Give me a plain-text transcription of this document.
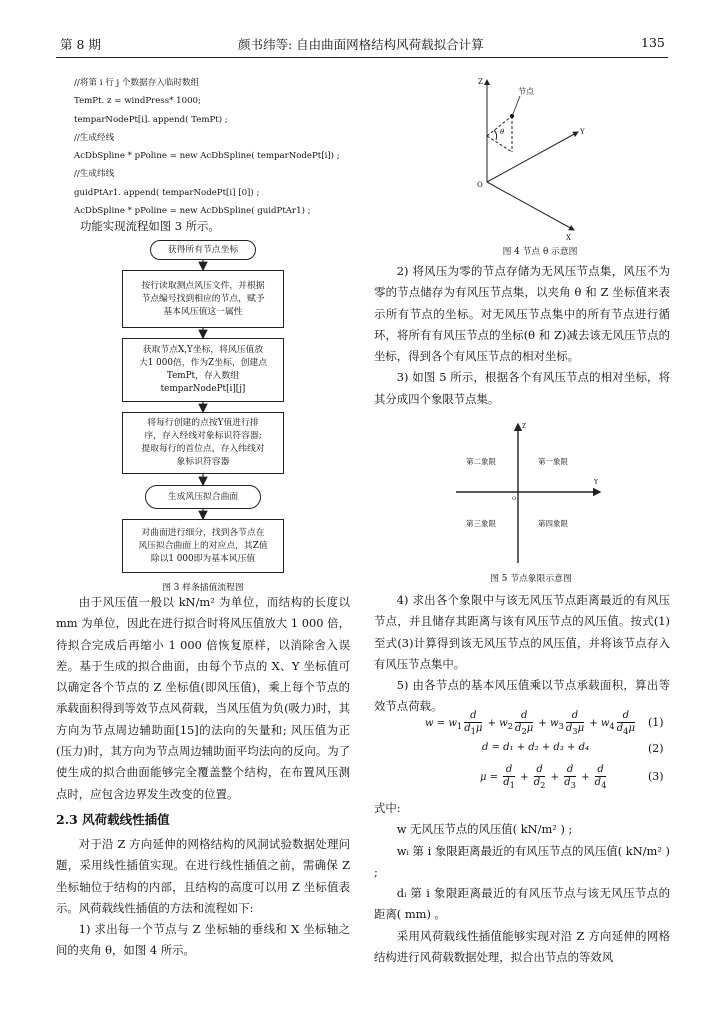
第 8 期	颜书纬等: 自由曲面网格结构风荷载拟合计算	135
//将第 i 行 j 个数据存入临时数组
TemPt. z = windPress* 1000;
temparNodePt[i]. append( TemPt) ;
//生成经线
AcDbSpline * pPoline = new AcDbSpline( temparNodePt[i]) ;
//生成纬线
guidPtAr1. append( temparNodePt[i] [0]) ;
AcDbSpline * pPoline = new AcDbSpline( guidPtAr1) ;
功能实现流程如图 3 所示。
获得所有节点坐标
按行读取测点风压文件，并根据
节点编号找到相应的节点，赋予
基本风压值这一属性
获取节点X,Y坐标，将风压值放
大1 000倍，作为Z坐标，创建点
TemPt，存入数组
temparNodePt[i][j]
将每行创建的点按Y值进行排
序，存入经线对象标识符容器;
提取每行的首位点，存入纬线对
象标识符容器
生成风压拟合曲面
对曲面进行细分，找到各节点在
风压拟合曲面上的对应点，其Z值
除以1 000即为基本风压值
图 3 样条插值流程图
Z
Y
X
O
θ
节点
图 4 节点 θ 示意图

2) 将风压为零的节点存储为无风压节点集，风压不为零的节点储存为有风压节点集，以夹角 θ 和 Z 坐标值来表示所有节点的坐标。对无风压节点集中的所有节点进行循环，将所有有风压节点的坐标(θ 和 Z)减去该无风压节点的坐标，得到各个有风压节点的相对坐标。

3) 如图 5 所示，根据各个有风压节点的相对坐标，将其分成四个象限节点集。

Z
Y
O
第一象限
第二象限
第三象限	第四象限
图 5 节点象限示意图

由于风压值一般以 kN/m² 为单位，而结构的长度以 mm 为单位，因此在进行拟合时将风压值放大 1 000 倍，待拟合完成后再缩小 1 000 倍恢复原样，以消除舍入误差。基于生成的拟合曲面，由每个节点的 X、Y 坐标值可以确定各个节点的 Z 坐标值(即风压值)，乘上每个节点的承载面积得到等效节点风荷载，当风压值为负(吸力)时，其方向为节点周边辅助面[15]的法向的矢量和; 风压值为正(压力)时，其方向为节点周边辅助面平均法向的反向。为了使生成的拟合曲面能够完全覆盖整个结构，在布置风压测点时，应包含边界发生改变的位置。

2.3 风荷载线性插值

对于沿 Z 方向延伸的网格结构的风洞试验数据处理问题，采用线性插值实现。在进行线性插值之前，需确保 Z 坐标轴位于结构的内部，且结构的高度可以用 Z 坐标值表示。风荷载线性插值的方法和流程如下:

1) 求出每一个节点与 Z 坐标轴的垂线和 X 坐标轴之间的夹角 θ，如图 4 所示。

4) 求出各个象限中与该无风压节点距离最近的有风压节点，并且储存其距离与该有风压节点的风压值。按式(1)至式(3)计算得到该无风压节点的风压值，并将该节点存入有风压节点集中。

5) 由各节点的基本风压值乘以节点承载面积，算出等效节点荷载。

$w = w_1 \frac{d}{d_1\mu} + w_2 \frac{d}{d_2\mu} + w_3 \frac{d}{d_3\mu} + w_4 \frac{d}{d_4\mu} (1)$
d = d₁ + d₂ + d₃ + d₄	(2)
$\mu = \frac{d}{d_1} + \frac{d}{d_2} + \frac{d}{d_3} + \frac{d}{d_4}$	(3)

式中:

w 无风压节点的风压值( kN/m² ) ;

wᵢ 第 i 象限距离最近的有风压节点的风压值( kN/m² ) ;

dᵢ 第 i 象限距离最近的有风压节点与该无风压节点的距离( mm) 。

采用风荷载线性插值能够实现对沿 Z 方向延伸的网格结构进行风荷载数据处理，拟合出节点的等效风
